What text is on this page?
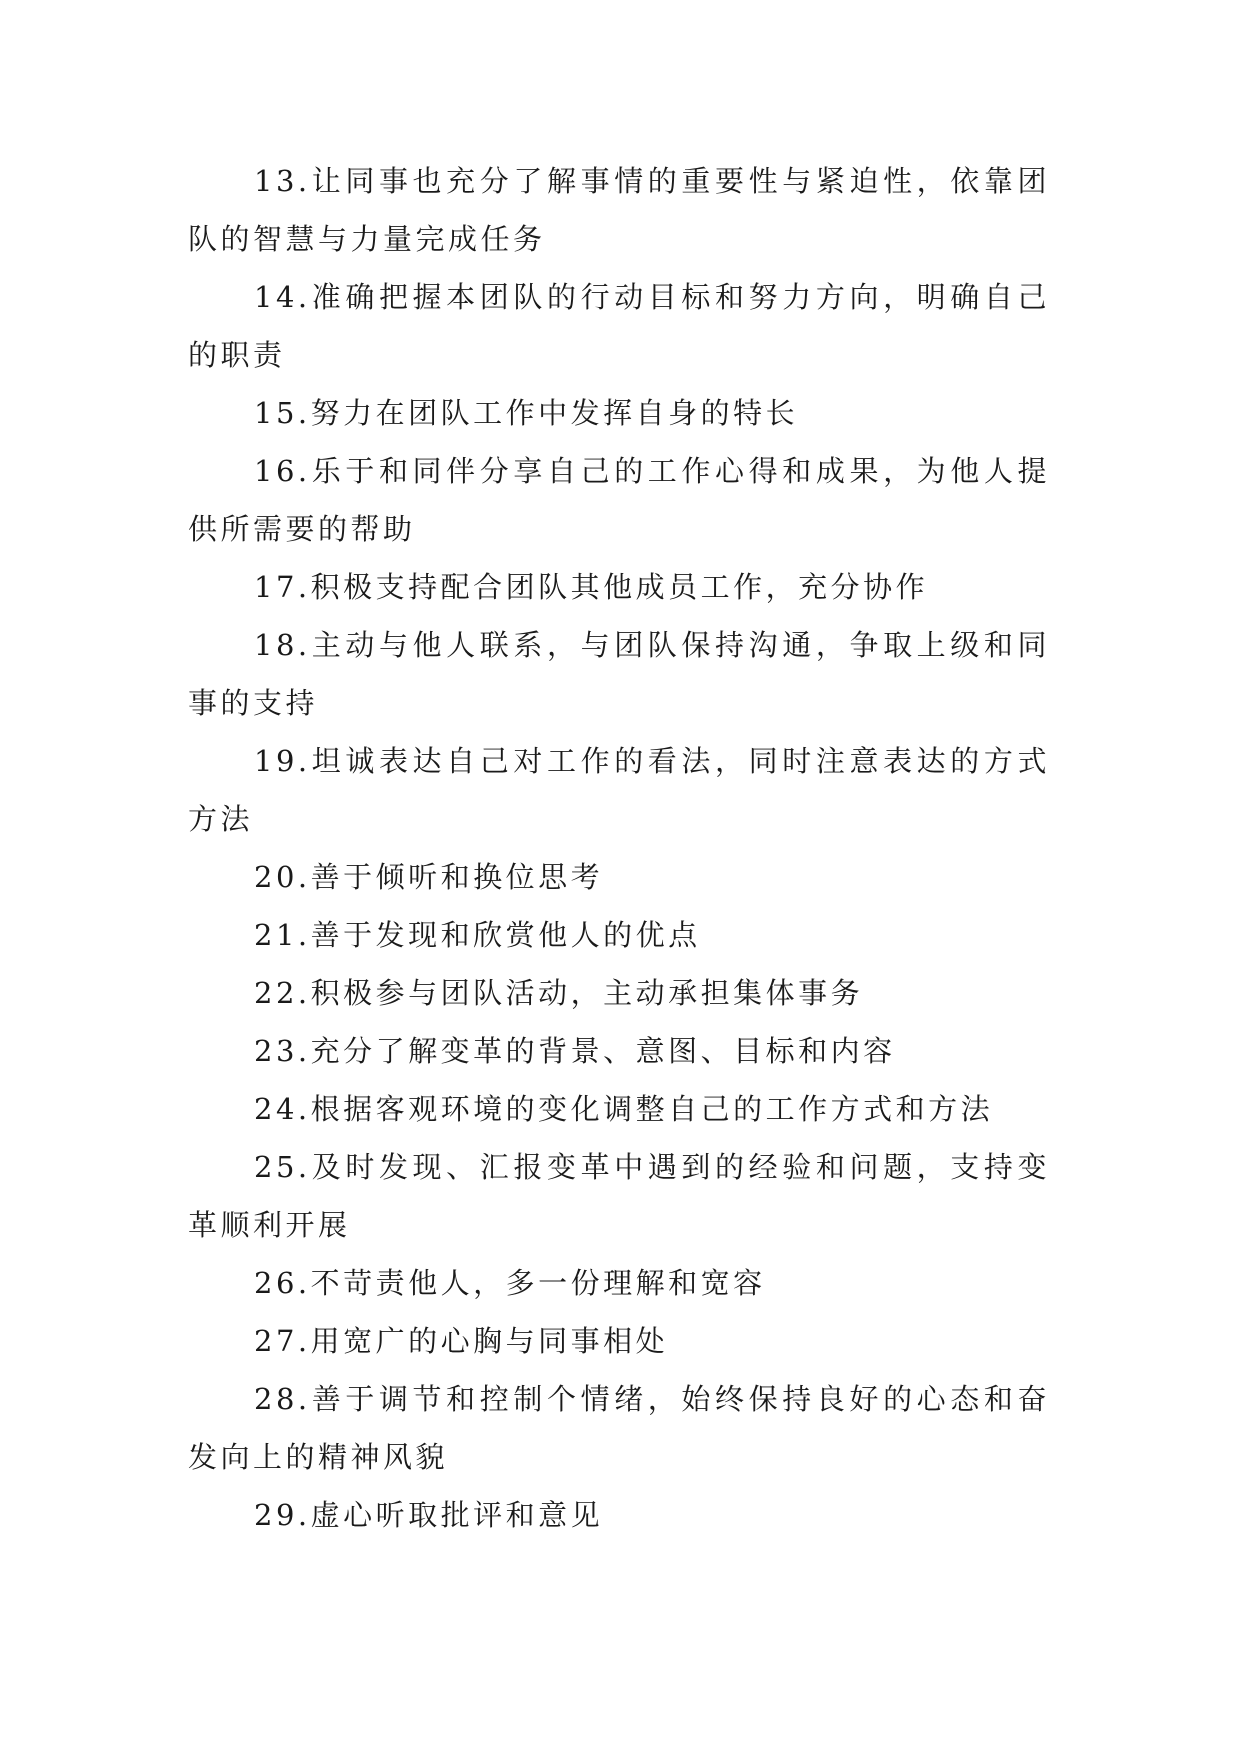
13.让同事也充分了解事情的重要性与紧迫性，依靠团队的智慧与力量完成任务

14.准确把握本团队的行动目标和努力方向，明确自己的职责

15.努力在团队工作中发挥自身的特长

16.乐于和同伴分享自己的工作心得和成果，为他人提供所需要的帮助

17.积极支持配合团队其他成员工作，充分协作

18.主动与他人联系，与团队保持沟通，争取上级和同事的支持

19.坦诚表达自己对工作的看法，同时注意表达的方式方法

20.善于倾听和换位思考

21.善于发现和欣赏他人的优点

22.积极参与团队活动，主动承担集体事务

23.充分了解变革的背景、意图、目标和内容

24.根据客观环境的变化调整自己的工作方式和方法

25.及时发现、汇报变革中遇到的经验和问题，支持变革顺利开展

26.不苛责他人，多一份理解和宽容

27.用宽广的心胸与同事相处

28.善于调节和控制个情绪，始终保持良好的心态和奋发向上的精神风貌

29.虚心听取批评和意见
